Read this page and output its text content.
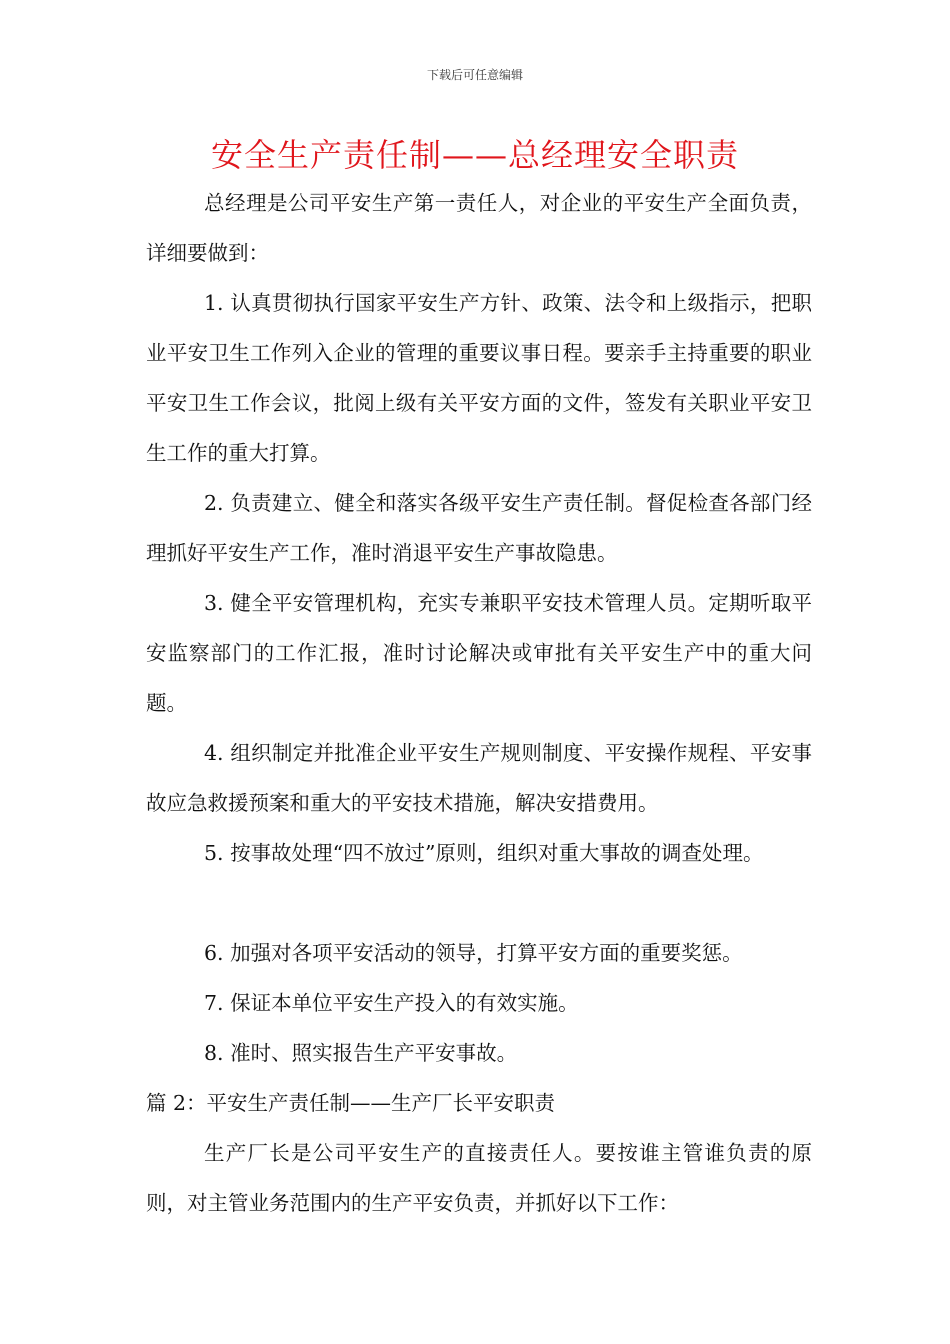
下载后可任意编辑
安全生产责任制——总经理安全职责

总经理是公司平安生产第一责任人，对企业的平安生产全面负责，详细要做到：

1. 认真贯彻执行国家平安生产方针、政策、法令和上级指示，把职业平安卫生工作列入企业的管理的重要议事日程。要亲手主持重要的职业平安卫生工作会议，批阅上级有关平安方面的文件，签发有关职业平安卫生工作的重大打算。

2. 负责建立、健全和落实各级平安生产责任制。督促检查各部门经理抓好平安生产工作，准时消退平安生产事故隐患。

3. 健全平安管理机构，充实专兼职平安技术管理人员。定期听取平安监察部门的工作汇报，准时讨论解决或审批有关平安生产中的重大问题。

4. 组织制定并批准企业平安生产规则制度、平安操作规程、平安事故应急救援预案和重大的平安技术措施，解决安措费用。

5. 按事故处理“四不放过”原则，组织对重大事故的调查处理。

6. 加强对各项平安活动的领导，打算平安方面的重要奖惩。

7. 保证本单位平安生产投入的有效实施。

8. 准时、照实报告生产平安事故。

篇 2：平安生产责任制——生产厂长平安职责

生产厂长是公司平安生产的直接责任人。要按谁主管谁负责的原则，对主管业务范围内的生产平安负责，并抓好以下工作：
